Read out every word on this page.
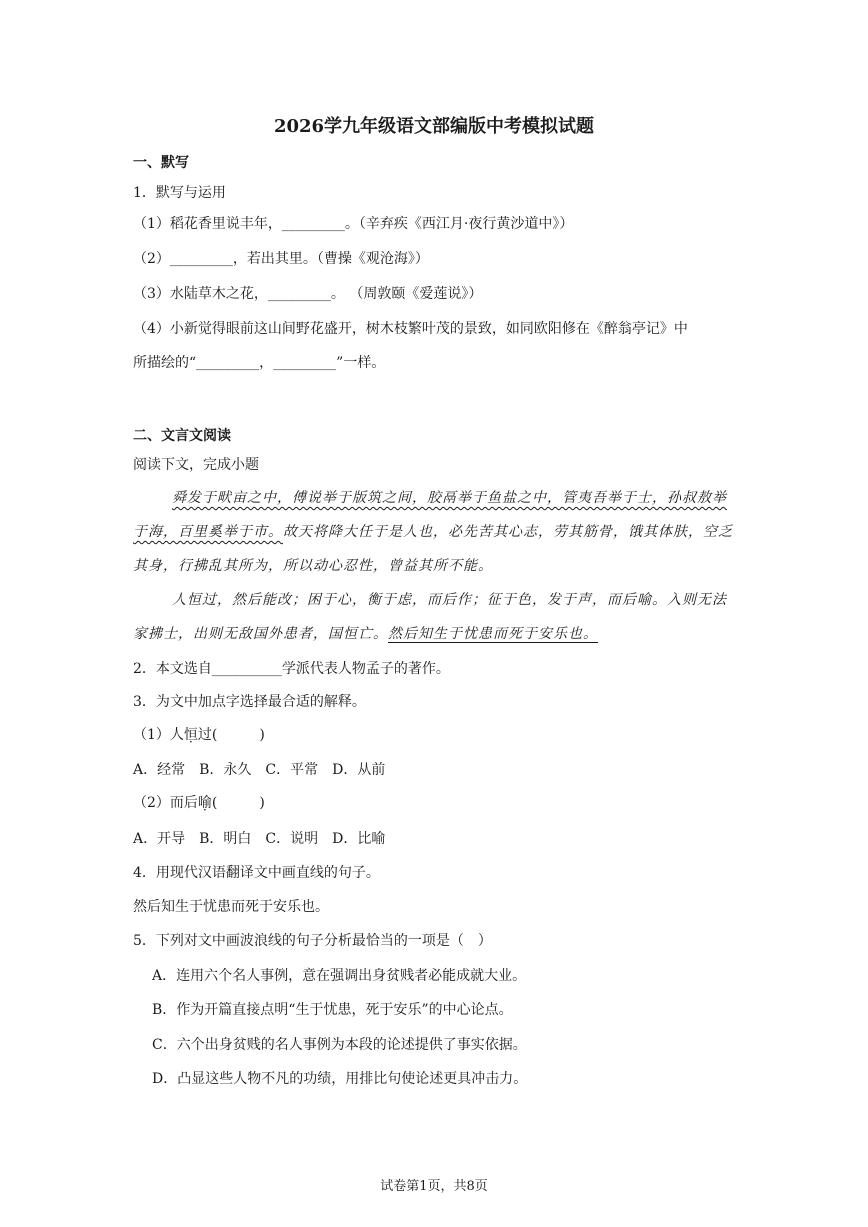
2026学九年级语文部编版中考模拟试题
一、默写
1．默写与运用
（1）稻花香里说丰年，_________。（辛弃疾《西江月·夜行黄沙道中》）
（2）_________，若出其里。（曹操《观沧海》）
（3）水陆草木之花，_________。 （周敦颐《爱莲说》）
（4）小新觉得眼前这山间野花盛开，树木枝繁叶茂的景致，如同欧阳修在《醉翁亭记》中
所描绘的“_________，_________”一样。
二、文言文阅读
阅读下文，完成小题
舜发于畎亩之中，傅说举于版筑之间，胶鬲举于鱼盐之中，管夷吾举于士，孙叔敖举
于海，百里奚举于市。故天将降大任于是人也，必先苦其心志，劳其筋骨，饿其体肤，空乏
其身，行拂乱其所为，所以动心忍性，曾益其所不能。
人恒过，然后能改；困于心，衡于虑，而后作；征于色，发于声，而后喻。入则无法
家拂士，出则无敌国外患者，国恒亡。然后知生于忧患而死于安乐也。
2．本文选自__________学派代表人物孟子的著作。
3．为文中加点字选择最合适的解释。
（1）人恒过(　　　)
A．经常　B．永久　C．平常　D．从前
（2）而后喻(　　　)
A．开导　B．明白　C．说明　D．比喻
4．用现代汉语翻译文中画直线的句子。
然后知生于忧患而死于安乐也。
5．下列对文中画波浪线的句子分析最恰当的一项是（　）
A．连用六个名人事例，意在强调出身贫贱者必能成就大业。
B．作为开篇直接点明“生于忧患，死于安乐”的中心论点。
C．六个出身贫贱的名人事例为本段的论述提供了事实依据。
D．凸显这些人物不凡的功绩，用排比句使论述更具冲击力。
试卷第1页，共8页
